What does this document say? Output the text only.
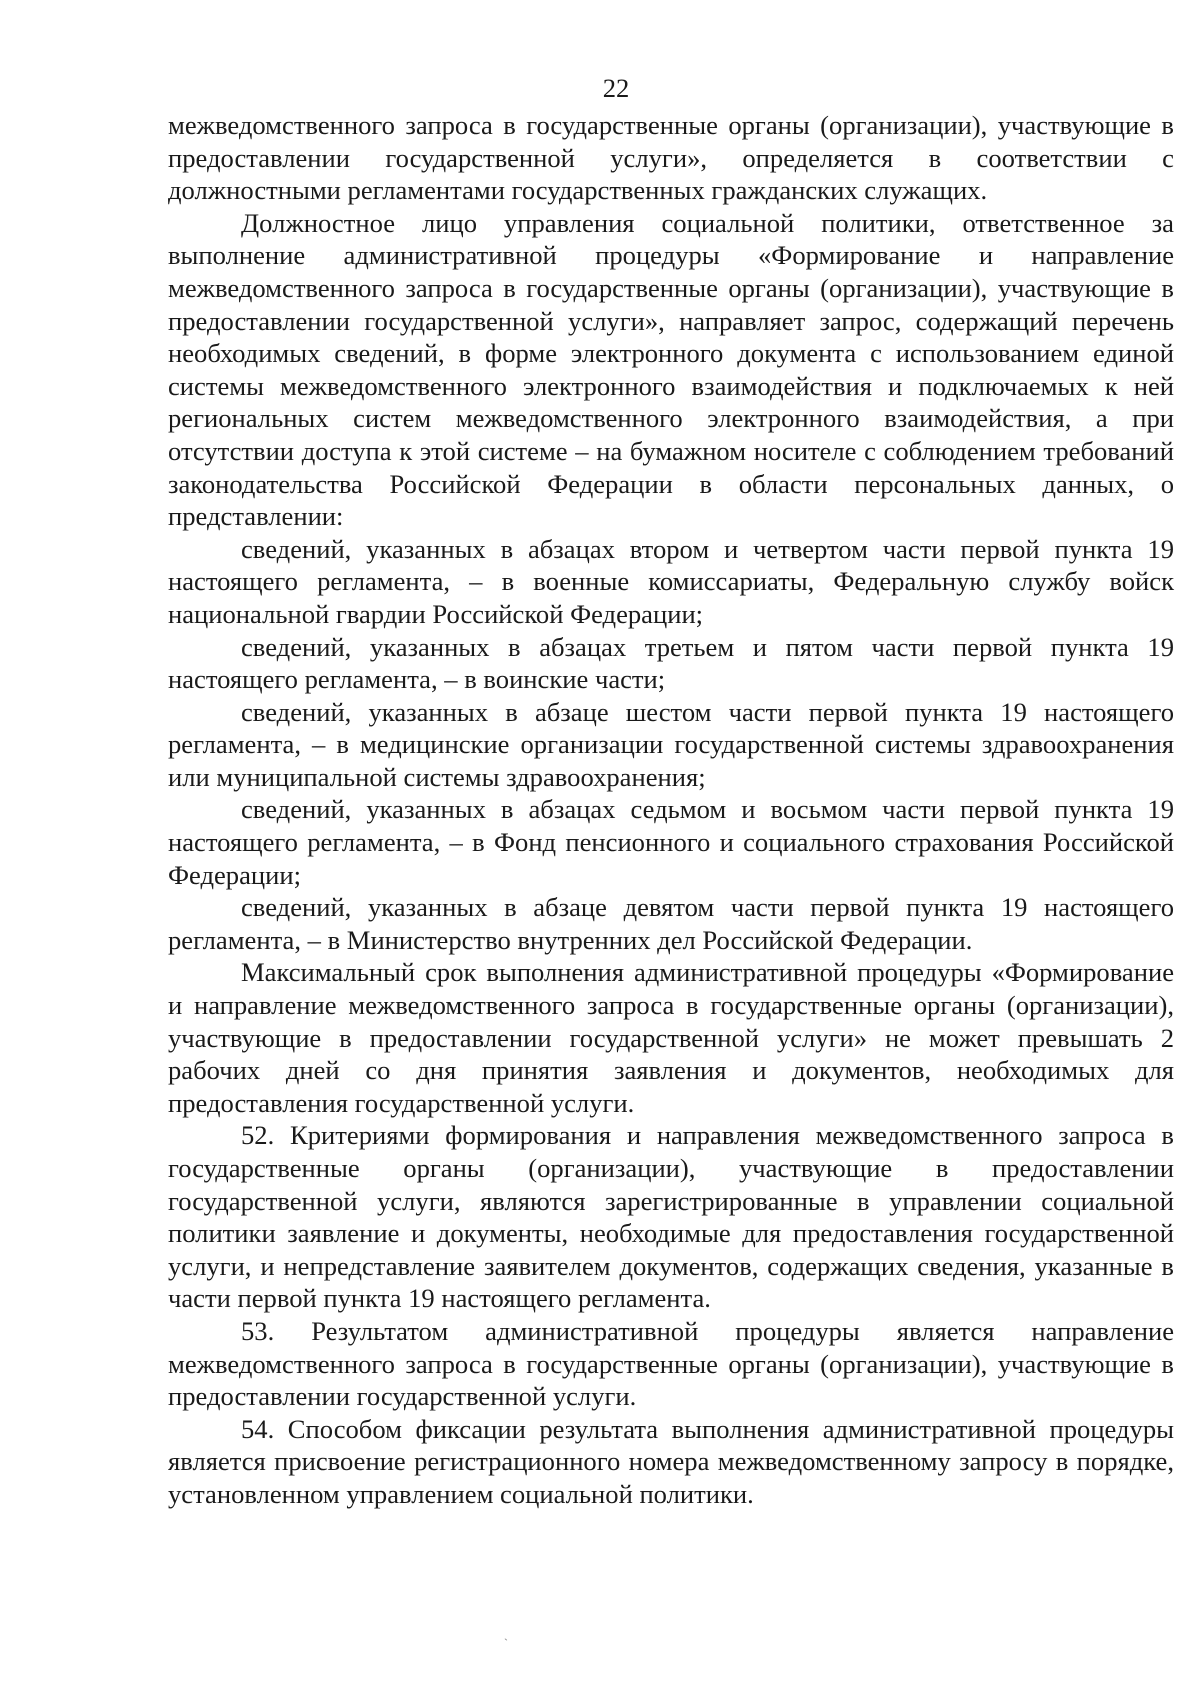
22

межведомственного запроса в государственные органы (организации), участвующие в предоставлении государственной услуги», определяется в соответствии с должностными регламентами государственных гражданских служащих.

Должностное лицо управления социальной политики, ответственное за выполнение административной процедуры «Формирование и направление межведомственного запроса в государственные органы (организации), участвующие в предоставлении государственной услуги», направляет запрос, содержащий перечень необходимых сведений, в форме электронного документа с использованием единой системы межведомственного электронного взаимодействия и подключаемых к ней региональных систем межведомственного электронного взаимодействия, а при отсутствии доступа к этой системе – на бумажном носителе с соблюдением требований законодательства Российской Федерации в области персональных данных, о представлении:

сведений, указанных в абзацах втором и четвертом части первой пункта 19 настоящего регламента, – в военные комиссариаты, Федеральную службу войск национальной гвардии Российской Федерации;

сведений, указанных в абзацах третьем и пятом части первой пункта 19 настоящего регламента, – в воинские части;

сведений, указанных в абзаце шестом части первой пункта 19 настоящего регламента, – в медицинские организации государственной системы здравоохранения или муниципальной системы здравоохранения;

сведений, указанных в абзацах седьмом и восьмом части первой пункта 19 настоящего регламента, – в Фонд пенсионного и социального страхования Российской Федерации;

сведений, указанных в абзаце девятом части первой пункта 19 настоящего регламента, – в Министерство внутренних дел Российской Федерации.

Максимальный срок выполнения административной процедуры «Формирование и направление межведомственного запроса в государственные органы (организации), участвующие в предоставлении государственной услуги» не может превышать 2 рабочих дней со дня принятия заявления и документов, необходимых для предоставления государственной услуги.

52. Критериями формирования и направления межведомственного запроса в государственные органы (организации), участвующие в предоставлении государственной услуги, являются зарегистрированные в управлении социальной политики заявление и документы, необходимые для предоставления государственной услуги, и непредставление заявителем документов, содержащих сведения, указанные в части первой пункта 19 настоящего регламента.

53. Результатом административной процедуры является направление межведомственного запроса в государственные органы (организации), участвующие в предоставлении государственной услуги.

54. Способом фиксации результата выполнения административной процедуры является присвоение регистрационного номера межведомственному запросу в порядке, установленном управлением социальной политики.

ˎ
